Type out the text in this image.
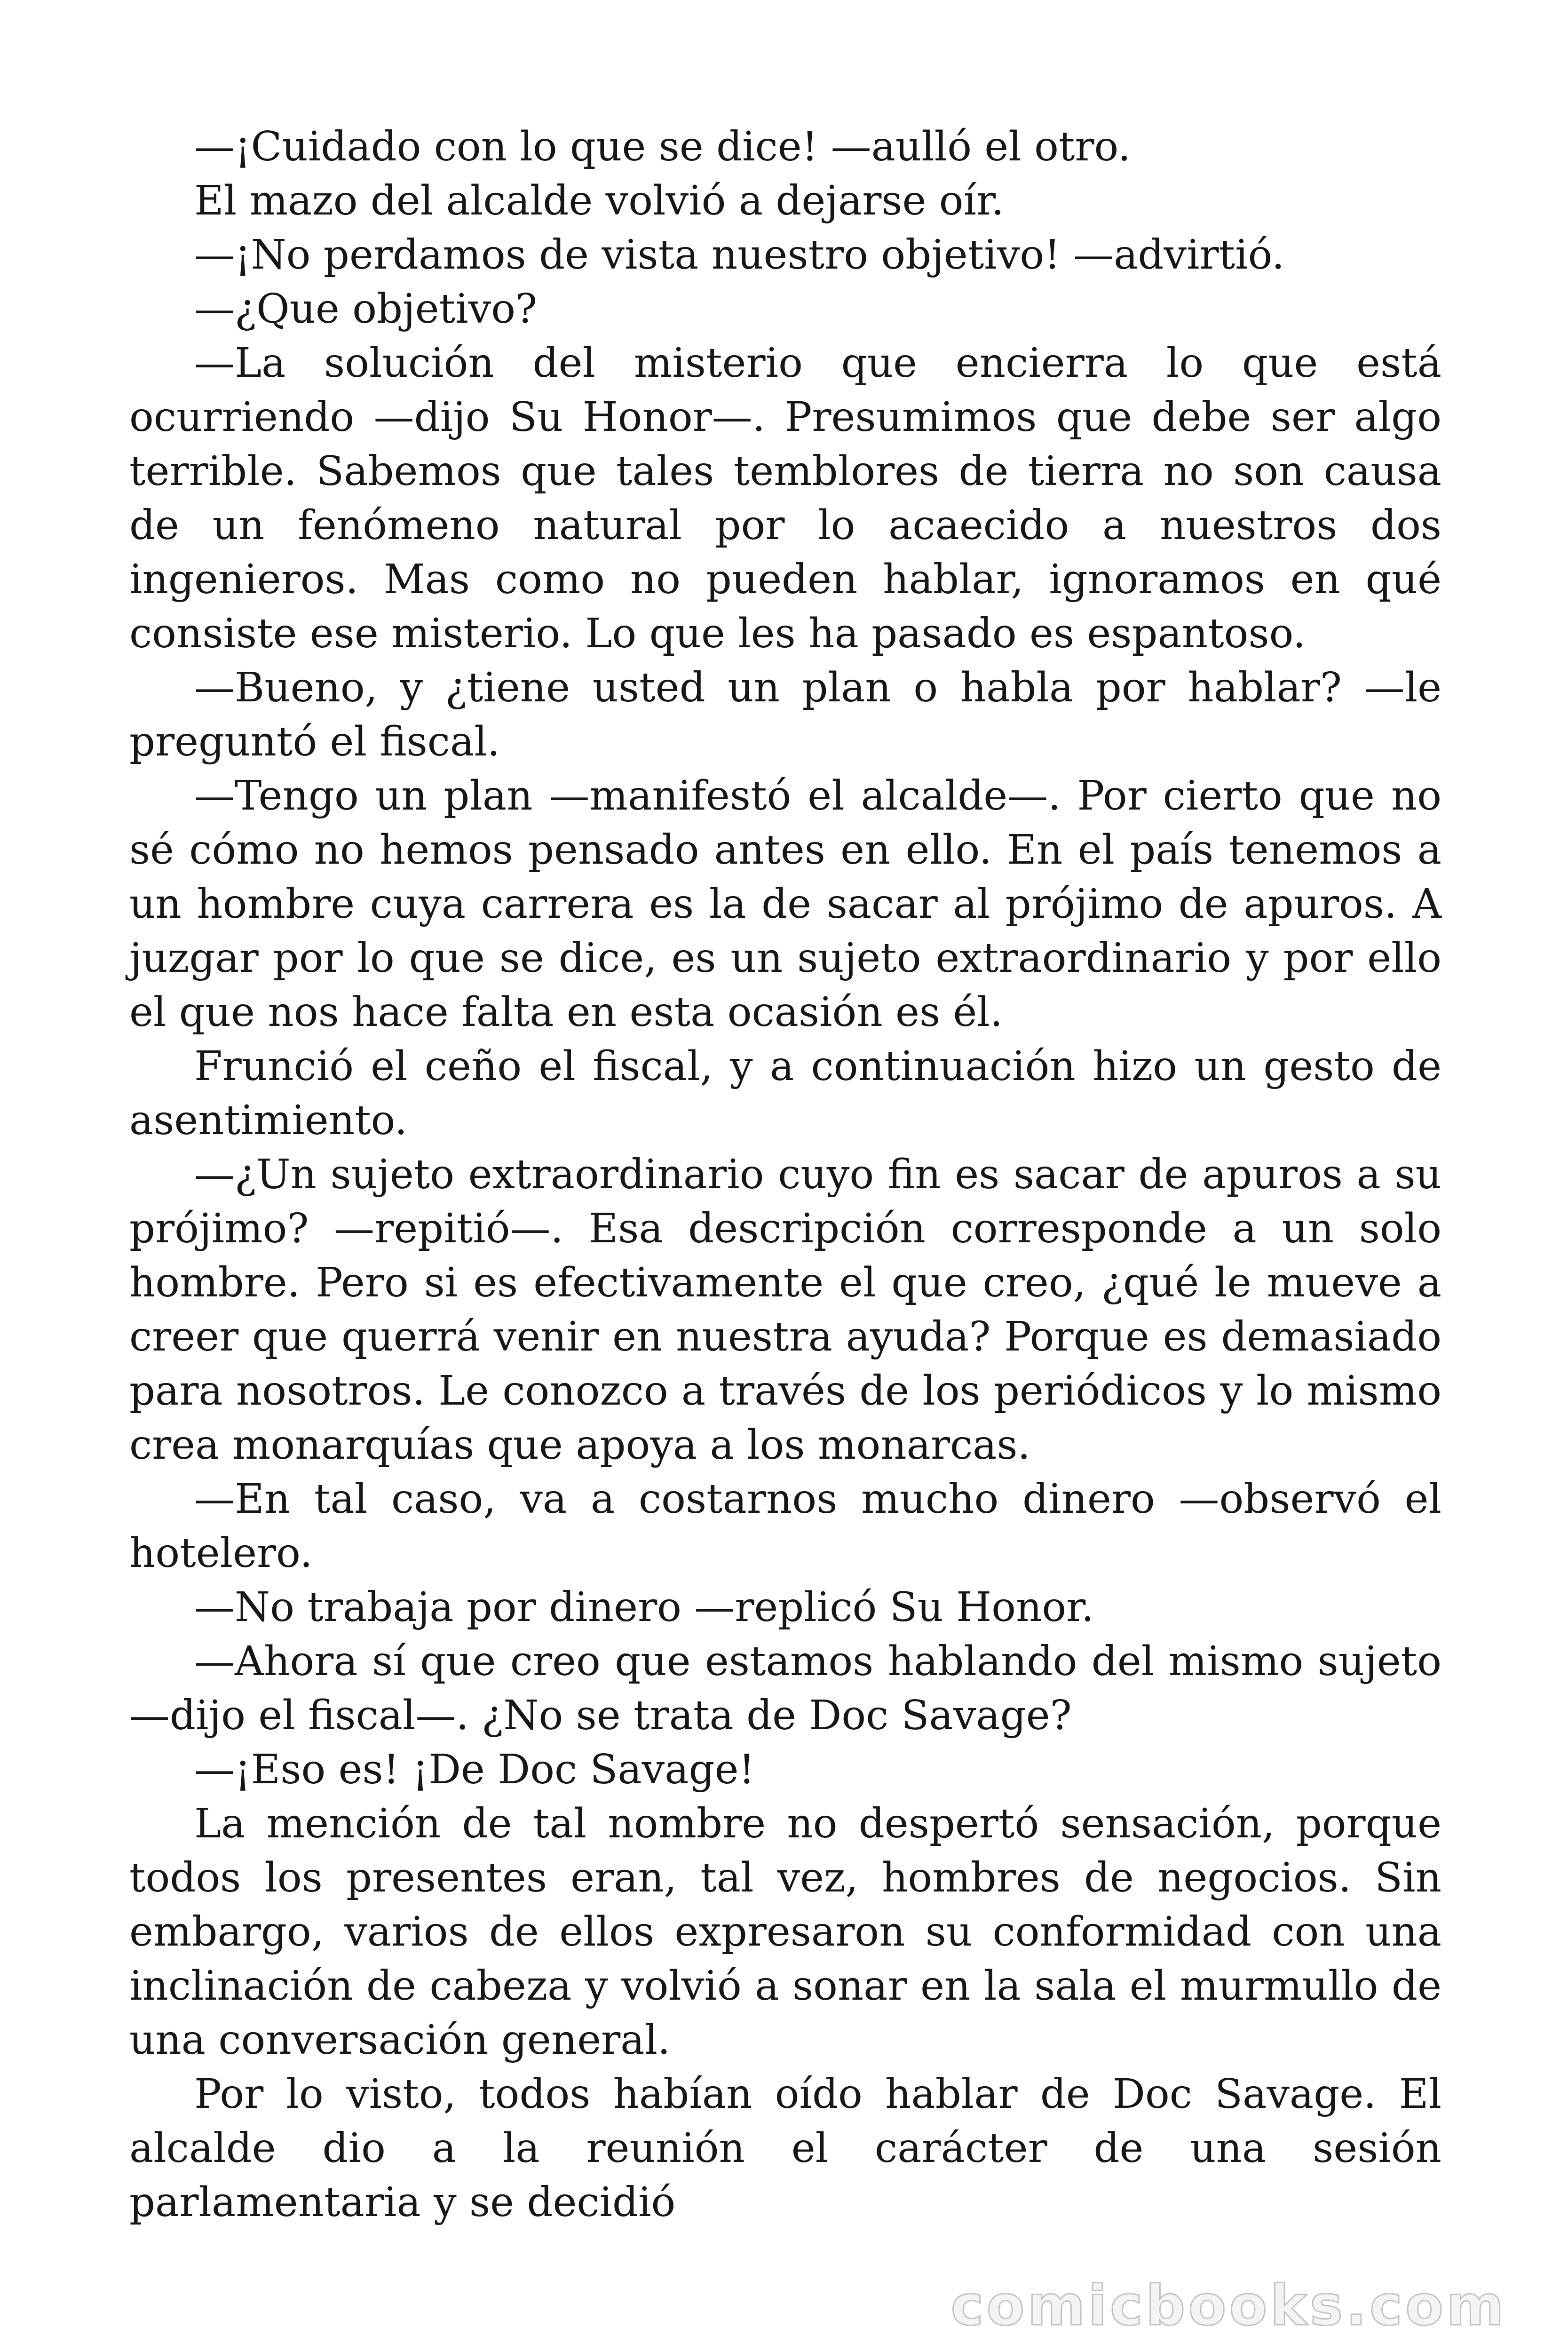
—¡Cuidado con lo que se dice! —aulló el otro.

El mazo del alcalde volvió a dejarse oír.

—¡No perdamos de vista nuestro objetivo! —advirtió.

—¿Que objetivo?

—La solución del misterio que encierra lo que está ocurriendo —dijo Su Honor—. Presumimos que debe ser algo terrible. Sabemos que tales temblores de tierra no son causa de un fenómeno natural por lo acaecido a nuestros dos ingenieros. Mas como no pueden hablar, ignoramos en qué consiste ese misterio. Lo que les ha pasado es espantoso.

—Bueno, y ¿tiene usted un plan o habla por hablar? —le preguntó el fiscal.

—Tengo un plan —manifestó el alcalde—. Por cierto que no sé cómo no hemos pensado antes en ello. En el país tenemos a un hombre cuya carrera es la de sacar al prójimo de apuros. A juzgar por lo que se dice, es un sujeto extraordinario y por ello el que nos hace falta en esta ocasión es él.

Frunció el ceño el fiscal, y a continuación hizo un gesto de asentimiento.

—¿Un sujeto extraordinario cuyo fin es sacar de apuros a su prójimo? —repitió—. Esa descripción corresponde a un solo hombre. Pero si es efectivamente el que creo, ¿qué le mueve a creer que querrá venir en nuestra ayuda? Porque es demasiado para nosotros. Le conozco a través de los periódicos y lo mismo crea monarquías que apoya a los monarcas.

—En tal caso, va a costarnos mucho dinero —observó el hotelero.

—No trabaja por dinero —replicó Su Honor.

—Ahora sí que creo que estamos hablando del mismo sujeto —dijo el fiscal—. ¿No se trata de Doc Savage?

—¡Eso es! ¡De Doc Savage!

La mención de tal nombre no despertó sensación, porque todos los presentes eran, tal vez, hombres de negocios. Sin embargo, varios de ellos expresaron su conformidad con una inclinación de cabeza y volvió a sonar en la sala el murmullo de una conversación general.

Por lo visto, todos habían oído hablar de Doc Savage. El alcalde dio a la reunión el carácter de una sesión parlamentaria y se decidió

comicbooks.com
